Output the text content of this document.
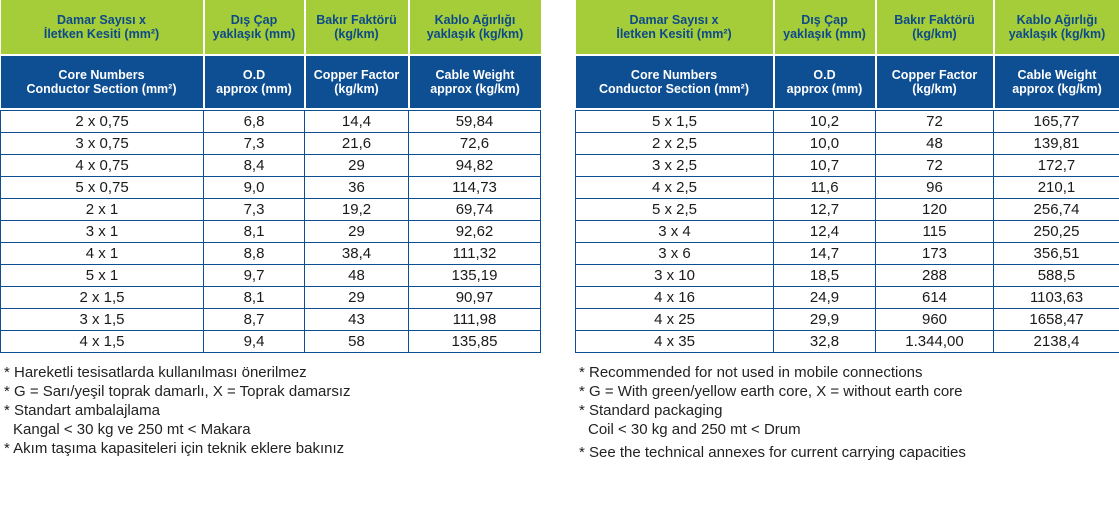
Damar Sayısı x
İletken Kesiti (mm²)	Dış Çap
yaklaşık (mm)	Bakır Faktörü
(kg/km)	Kablo Ağırlığı
yaklaşık (kg/km)
Core Numbers
Conductor Section (mm²)	O.D
approx (mm)	Copper Factor
(kg/km)	Cable Weight
approx (kg/km)

2 x 0,75	6,8	14,4	59,84
3 x 0,75	7,3	21,6	72,6
4 x 0,75	8,4	29	94,82
5 x 0,75	9,0	36	114,73
2 x 1	7,3	19,2	69,74
3 x 1	8,1	29	92,62
4 x 1	8,8	38,4	111,32
5 x 1	9,7	48	135,19
2 x 1,5	8,1	29	90,97
3 x 1,5	8,7	43	111,98
4 x 1,5	9,4	58	135,85
* Hareketli tesisatlarda kullanılması önerilmez
* G = Sarı/yeşil toprak damarlı, X = Toprak damarsız
* Standart ambalajlama
Kangal < 30 kg ve 250 mt < Makara
* Akım taşıma kapasiteleri için teknik eklere bakınız
Damar Sayısı x
İletken Kesiti (mm²)	Dış Çap
yaklaşık (mm)	Bakır Faktörü
(kg/km)	Kablo Ağırlığı
yaklaşık (kg/km)
Core Numbers
Conductor Section (mm²)	O.D
approx (mm)	Copper Factor
(kg/km)	Cable Weight
approx (kg/km)

5 x 1,5	10,2	72	165,77
2 x 2,5	10,0	48	139,81
3 x 2,5	10,7	72	172,7
4 x 2,5	11,6	96	210,1
5 x 2,5	12,7	120	256,74
3 x 4	12,4	115	250,25
3 x 6	14,7	173	356,51
3 x 10	18,5	288	588,5
4 x 16	24,9	614	1103,63
4 x 25	29,9	960	1658,47
4 x 35	32,8	1.344,00	2138,4
* Recommended for not used in mobile connections
* G = With green/yellow earth core, X = without earth core
* Standard packaging
Coil < 30 kg and 250 mt < Drum
* See the technical annexes for current carrying capacities
